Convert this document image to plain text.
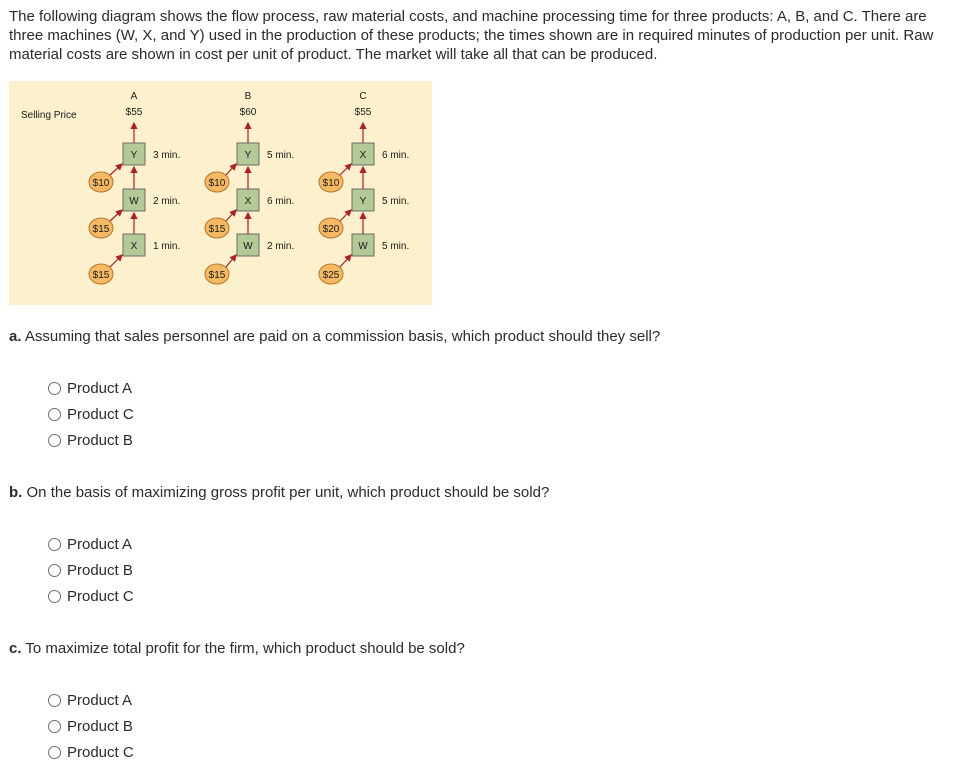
The following diagram shows the flow process, raw material costs, and machine processing time for three products: A, B, and C. There are three machines (W, X, and Y) used in the production of these products; the times shown are in required minutes of production per unit. Raw material costs are shown in cost per unit of product. The market will take all that can be produced.
Selling Price
A
$55
Y 3 min.
W 2 min.
X 1 min.
$10
$15
$15
B
$60
Y 5 min.
X 6 min.
W 2 min.
$10
$15
$15
C
$55
X 6 min.
Y 5 min.
W 5 min.
$10
$20
$25
a. Assuming that sales personnel are paid on a commission basis, which product should they sell?
Product A
Product C
Product B
b. On the basis of maximizing gross profit per unit, which product should be sold?
Product A
Product B
Product C
c. To maximize total profit for the firm, which product should be sold?
Product A
Product B
Product C
